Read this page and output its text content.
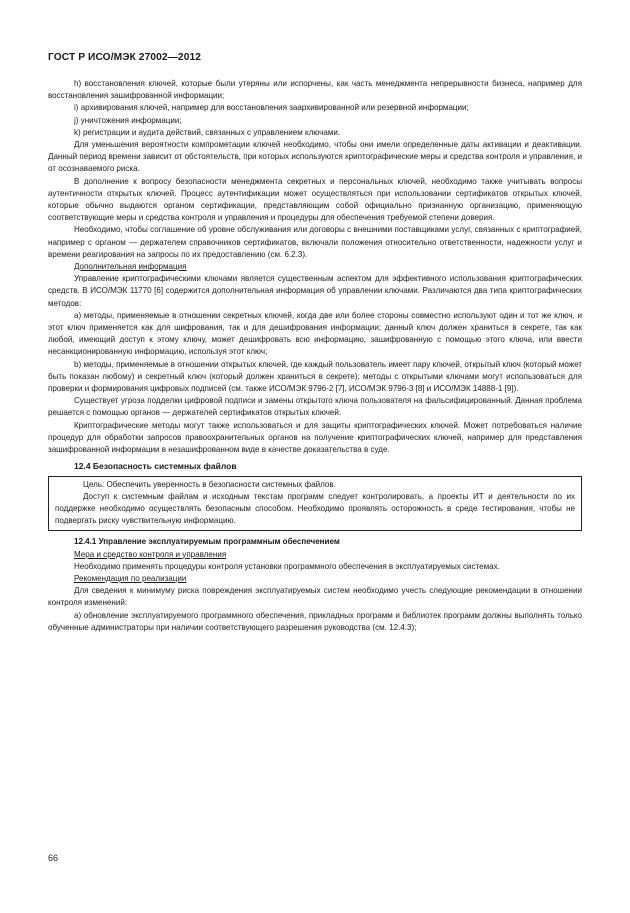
ГОСТ Р ИСО/МЭК 27002—2012

h) восстановления ключей, которые были утеряны или испорчены, как часть менеджмента непрерывности бизнеса, например для восстановления зашифрованной информации;

i) архивирования ключей, например для восстановления заархивированной или резервной информации;

j) уничтожения информации;

k) регистрации и аудита действий, связанных с управлением ключами.

Для уменьшения вероятности компрометации ключей необходимо, чтобы они имели определенные даты активации и деактивации. Данный период времени зависит от обстоятельств, при которых используются криптографические меры и средства контроля и управления, и от осознаваемого риска.

В дополнение к вопросу безопасности менеджмента секретных и персональных ключей, необходимо также учитывать вопросы аутентичности открытых ключей. Процесс аутентификации может осуществляться при использовании сертификатов открытых ключей, которые обычно выдаются органом сертификации, представляющим собой официально признанную организацию, применяющую соответствующие меры и средства контроля и управления и процедуры для обеспечения требуемой степени доверия.

Необходимо, чтобы соглашение об уровне обслуживания или договоры с внешними поставщиками услуг, связанных с криптографией, например с органом — держателем справочников сертификатов, включали положения относительно ответственности, надежности услуг и времени реагирования на запросы по их предоставлению (см. 6.2.3).

Дополнительная информация

Управление криптографическими ключами является существенным аспектом для эффективного использования криптографических средств. В ИСО/МЭК 11770 [6] содержится дополнительная информация об управлении ключами. Различаются два типа криптографических методов:

a) методы, применяемые в отношении секретных ключей, когда две или более стороны совместно используют один и тот же ключ, и этот ключ применяется как для шифрования, так и для дешифрования информации; данный ключ должен храниться в секрете, так как любой, имеющий доступ к этому ключу, может дешифровать всю информацию, зашифрованную с помощью этого ключа, или ввести несанкционированную информацию, используя этот ключ;

b) методы, применяемые в отношении открытых ключей, где каждый пользователь имеет пару ключей, открытый ключ (который может быть показан любому) и секретный ключ (который должен храниться в секрете); методы с открытыми ключами могут использоваться для проверки и формирования цифровых подписей (см. также ИСО/МЭК 9796-2 [7], ИСО/МЭК 9796-3 [8] и ИСО/МЭК 14888-1 [9]).

Существует угроза подделки цифровой подписи и замены открытого ключа пользователя на фальсифицированный. Данная проблема решается с помощью органов — держателей сертификатов открытых ключей.

Криптографические методы могут также использоваться и для защиты криптографических ключей. Может потребоваться наличие процедур для обработки запросов правоохранительных органов на получение криптографических ключей, например для представления зашифрованной информации в незашифрованном виде в качестве доказательства в суде.

12.4 Безопасность системных файлов

Цель: Обеспечить уверенность в безопасности системных файлов.

Доступ к системным файлам и исходным текстам программ следует контролировать, а проекты ИТ и деятельности по их поддержке необходимо осуществлять безопасным способом. Необходимо проявлять осторожность в среде тестирования, чтобы не подвергать риску чувствительную информацию.

12.4.1 Управление эксплуатируемым программным обеспечением

Мера и средство контроля и управления

Необходимо применять процедуры контроля установки программного обеспечения в эксплуатируемых системах.

Рекомендация по реализации

Для сведения к минимуму риска повреждения эксплуатируемых систем необходимо учесть следующие рекомендации в отношении контроля изменений:

a) обновление эксплуатируемого программного обеспечения, прикладных программ и библиотек программ должны выполнять только обученные администраторы при наличии соответствующего разрешения руководства (см. 12.4.3);

66
